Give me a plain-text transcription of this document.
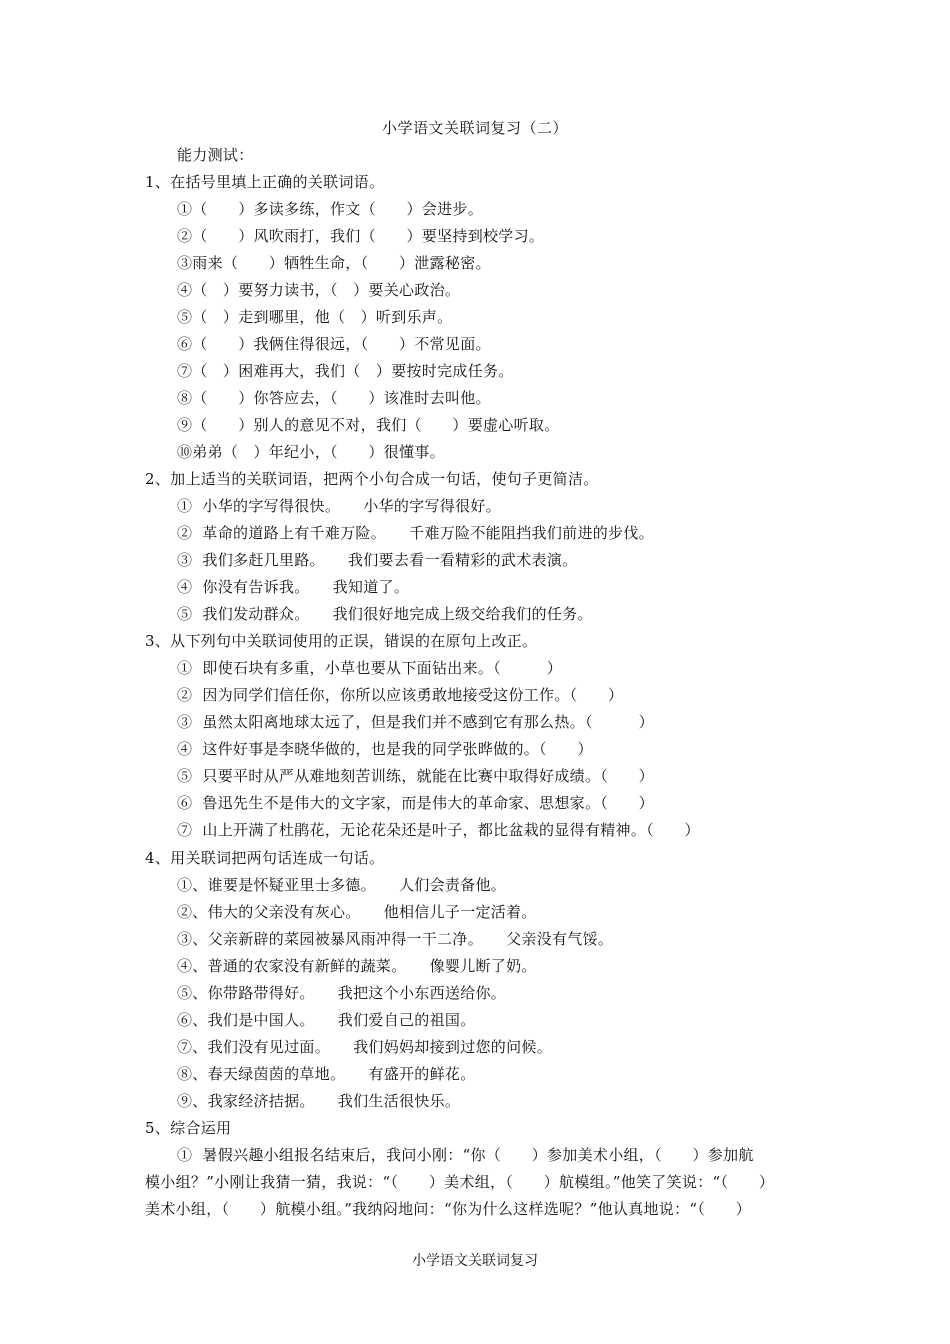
小学语文关联词复习（二）
能力测试：
1、在括号里填上正确的关联词语。
①（　　）多读多练，作文（　　）会进步。
②（　　）风吹雨打，我们（　　）要坚持到校学习。
③雨来（　　）牺牲生命，（　　）泄露秘密。
④（　）要努力读书，（　）要关心政治。
⑤（　）走到哪里，他（　）听到乐声。
⑥（　　）我俩住得很远，（　　）不常见面。
⑦（　）困难再大，我们（　）要按时完成任务。
⑧（　　）你答应去，（　　）该准时去叫他。
⑨（　　）别人的意见不对，我们（　　）要虚心听取。
⑩弟弟（　）年纪小，（　　）很懂事。
2、加上适当的关联词语，把两个小句合成一句话，使句子更简洁。
①  小华的字写得很快。　　小华的字写得很好。
②  革命的道路上有千难万险。　　千难万险不能阻挡我们前进的步伐。
③  我们多赶几里路。　　我们要去看一看精彩的武术表演。
④  你没有告诉我。　　我知道了。
⑤  我们发动群众。　　我们很好地完成上级交给我们的任务。
3、从下列句中关联词使用的正误，错误的在原句上改正。
①  即使石块有多重，小草也要从下面钻出来。（　　　）
②  因为同学们信任你，你所以应该勇敢地接受这份工作。（　　）
③  虽然太阳离地球太远了，但是我们并不感到它有那么热。（　　　）
④  这件好事是李晓华做的，也是我的同学张晔做的。（　　）
⑤  只要平时从严从难地刻苦训练，就能在比赛中取得好成绩。（　　）
⑥  鲁迅先生不是伟大的文字家，而是伟大的革命家、思想家。（　　）
⑦  山上开满了杜鹃花，无论花朵还是叶子，都比盆栽的显得有精神。（　　）
4、用关联词把两句话连成一句话。
①、谁要是怀疑亚里士多德。　　人们会责备他。
②、伟大的父亲没有灰心。　　他相信儿子一定活着。
③、父亲新辟的菜园被暴风雨冲得一干二净。　　父亲没有气馁。
④、普通的农家没有新鲜的蔬菜。　　像婴儿断了奶。
⑤、你带路带得好。　　我把这个小东西送给你。
⑥、我们是中国人。　　我们爱自己的祖国。
⑦、我们没有见过面。　　我们妈妈却接到过您的问候。
⑧、春天绿茵茵的草地。　　有盛开的鲜花。
⑨、我家经济拮据。　　我们生活很快乐。
5、综合运用
①  暑假兴趣小组报名结束后，我问小刚：“你（　　）参加美术小组，（　　）参加航
模小组？”小刚让我猜一猜，我说：“（　　）美术组，（　　）航模组。”他笑了笑说：“（　　）
美术小组，（　　）航模小组。”我纳闷地问：“你为什么这样选呢？”他认真地说：“（　　）
小学语文关联词复习
